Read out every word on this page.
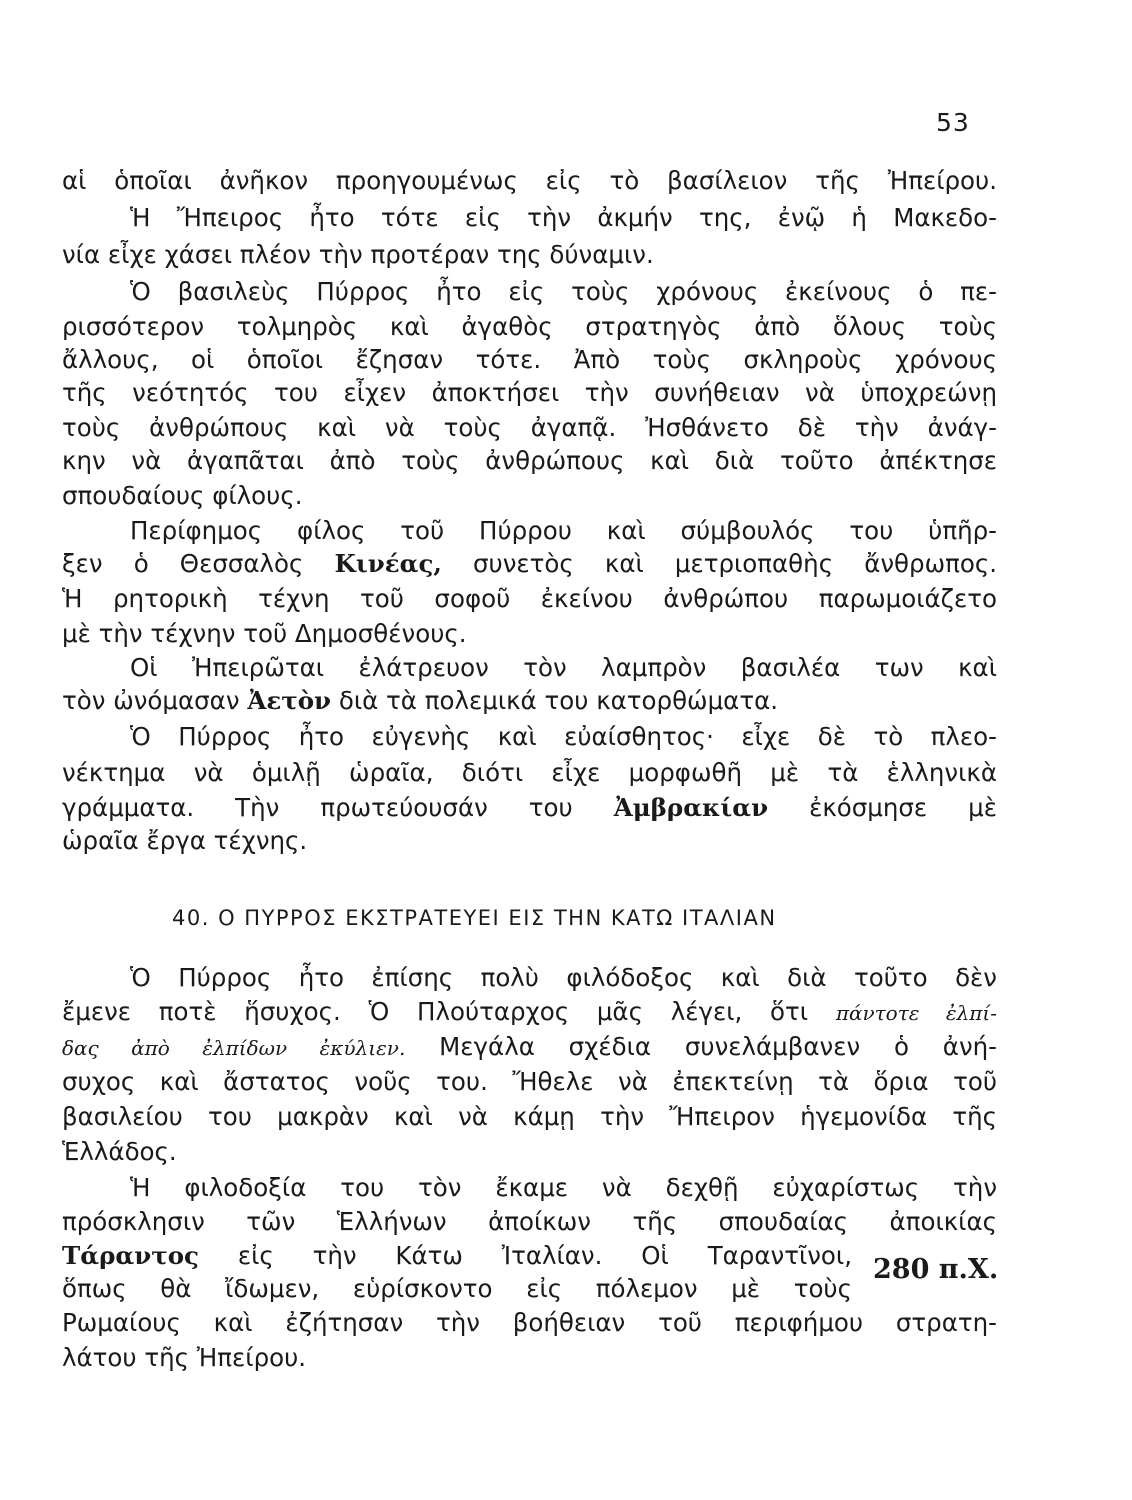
53
αἱ ὁποῖαι ἀνῆκον προηγουμένως εἰς τὸ βασίλειον τῆς Ἠπείρου.
Ἡ Ἤπειρος ἦτο τότε εἰς τὴν ἀκμήν της, ἐνῷ ἡ Μακεδο-
νία εἶχε χάσει πλέον τὴν προτέραν της δύναμιν.
Ὁ βασιλεὺς Πύρρος ἦτο εἰς τοὺς χρόνους ἐκείνους ὁ πε-
ρισσότερον τολμηρὸς καὶ ἀγαθὸς στρατηγὸς ἀπὸ ὅλους τοὺς
ἄλλους, οἱ ὁποῖοι ἔζησαν τότε. Ἀπὸ τοὺς σκληροὺς χρόνους
τῆς νεότητός του εἶχεν ἀποκτήσει τὴν συνήθειαν νὰ ὑποχρεώνῃ
τοὺς ἀνθρώπους καὶ νὰ τοὺς ἀγαπᾷ. Ἠσθάνετο δὲ τὴν ἀνάγ-
κην νὰ ἀγαπᾶται ἀπὸ τοὺς ἀνθρώπους καὶ διὰ τοῦτο ἀπέκτησε
σπουδαίους φίλους.
Περίφημος φίλος τοῦ Πύρρου καὶ σύμβουλός του ὑπῆρ-
ξεν ὁ Θεσσαλὸς Κινέας, συνετὸς καὶ μετριοπαθὴς ἄνθρωπος.
Ἡ ρητορικὴ τέχνη τοῦ σοφοῦ ἐκείνου ἀνθρώπου παρωμοιάζετο
μὲ τὴν τέχνην τοῦ Δημοσθένους.
Οἱ Ἠπειρῶται ἐλάτρευον τὸν λαμπρὸν βασιλέα των καὶ
τὸν ὠνόμασαν Ἀετὸν διὰ τὰ πολεμικά του κατορθώματα.
Ὁ Πύρρος ἦτο εὐγενὴς καὶ εὐαίσθητος· εἶχε δὲ τὸ πλεο-
νέκτημα νὰ ὁμιλῇ ὡραῖα, διότι εἶχε μορφωθῆ μὲ τὰ ἑλληνικὰ
γράμματα. Τὴν πρωτεύουσάν του Ἀμβρακίαν ἐκόσμησε μὲ
ὡραῖα ἔργα τέχνης.
40. Ο ΠΥΡΡΟΣ ΕΚΣΤΡΑΤΕΥΕΙ ΕΙΣ ΤΗΝ ΚΑΤΩ ΙΤΑΛΙΑΝ
Ὁ Πύρρος ἦτο ἐπίσης πολὺ φιλόδοξος καὶ διὰ τοῦτο δὲν
ἔμενε ποτὲ ἥσυχος. Ὁ Πλούταρχος μᾶς λέγει, ὅτι πάντοτε ἐλπί-
δας ἀπὸ ἐλπίδων ἐκύλιεν. Μεγάλα σχέδια συνελάμβανεν ὁ ἀνή-
συχος καὶ ἄστατος νοῦς του. Ἤθελε νὰ ἐπεκτείνῃ τὰ ὅρια τοῦ
βασιλείου του μακρὰν καὶ νὰ κάμῃ τὴν Ἤπειρον ἡγεμονίδα τῆς
Ἑλλάδος.
Ἡ φιλοδοξία του τὸν ἔκαμε νὰ δεχθῇ εὐχαρίστως τὴν
πρόσκλησιν τῶν Ἑλλήνων ἀποίκων τῆς σπουδαίας ἀποικίας
Τάραντος εἰς τὴν Κάτω Ἰταλίαν. Οἱ Ταραντῖνοι,
ὅπως θὰ ἴδωμεν, εὑρίσκοντο εἰς πόλεμον μὲ τοὺς
Ρωμαίους καὶ ἐζήτησαν τὴν βοήθειαν τοῦ περιφήμου στρατη-
λάτου τῆς Ἠπείρου.
280 π.Χ.
